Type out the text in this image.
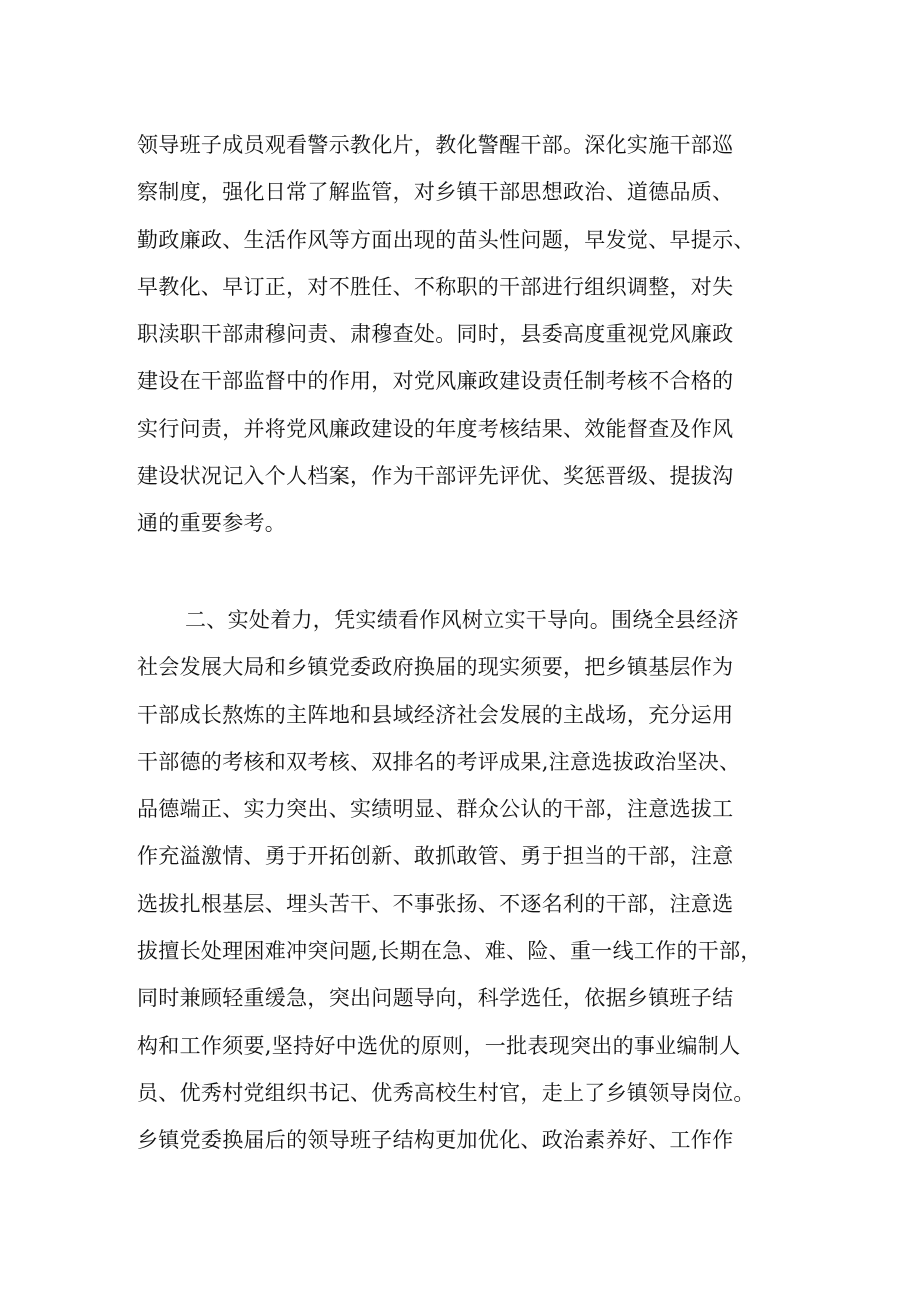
领导班子成员观看警示教化片，教化警醒干部。深化实施干部巡
察制度，强化日常了解监管，对乡镇干部思想政治、道德品质、
勤政廉政、生活作风等方面出现的苗头性问题，早发觉、早提示、
早教化、早订正，对不胜任、不称职的干部进行组织调整，对失
职渎职干部肃穆问责、肃穆查处。同时，县委高度重视党风廉政
建设在干部监督中的作用，对党风廉政建设责任制考核不合格的
实行问责，并将党风廉政建设的年度考核结果、效能督查及作风
建设状况记入个人档案，作为干部评先评优、奖惩晋级、提拔沟
通的重要参考。
二、实处着力，凭实绩看作风树立实干导向。围绕全县经济
社会发展大局和乡镇党委政府换届的现实须要，把乡镇基层作为
干部成长熬炼的主阵地和县域经济社会发展的主战场，充分运用
干部德的考核和双考核、双排名的考评成果,注意选拔政治坚决、
品德端正、实力突出、实绩明显、群众公认的干部，注意选拔工
作充溢激情、勇于开拓创新、敢抓敢管、勇于担当的干部，注意
选拔扎根基层、埋头苦干、不事张扬、不逐名利的干部，注意选
拔擅长处理困难冲突问题,长期在急、难、险、重一线工作的干部，
同时兼顾轻重缓急，突出问题导向，科学选任，依据乡镇班子结
构和工作须要,坚持好中选优的原则，一批表现突出的事业编制人
员、优秀村党组织书记、优秀高校生村官，走上了乡镇领导岗位。
乡镇党委换届后的领导班子结构更加优化、政治素养好、工作作
